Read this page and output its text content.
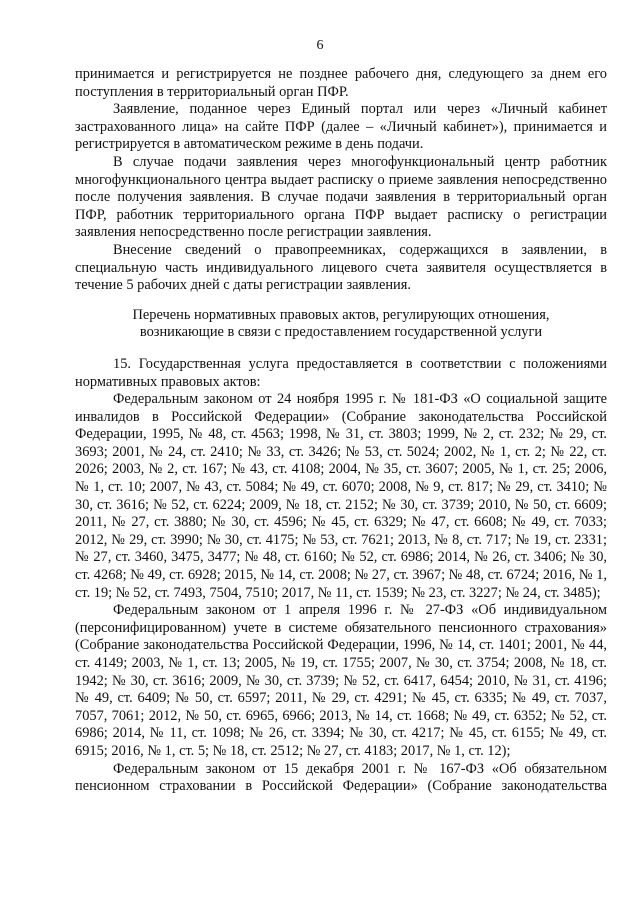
6

принимается и регистрируется не позднее рабочего дня, следующего за днем его поступления в территориальный орган ПФР.

Заявление, поданное через Единый портал или через «Личный кабинет застрахованного лица» на сайте ПФР (далее – «Личный кабинет»), принимается и регистрируется в автоматическом режиме в день подачи.

В случае подачи заявления через многофункциональный центр работник многофункционального центра выдает расписку о приеме заявления непосредственно после получения заявления. В случае подачи заявления в территориальный орган ПФР, работник территориального органа ПФР выдает расписку о регистрации заявления непосредственно после регистрации заявления.

Внесение сведений о правопреемниках, содержащихся в заявлении, в специальную часть индивидуального лицевого счета заявителя осуществляется в течение 5 рабочих дней с даты регистрации заявления.

Перечень нормативных правовых актов, регулирующих отношения,
возникающие в связи с предоставлением государственной услуги

15. Государственная услуга предоставляется в соответствии с положениями нормативных правовых актов:

Федеральным законом от 24 ноября 1995 г. № 181-ФЗ «О социальной защите инвалидов в Российской Федерации» (Собрание законодательства Российской Федерации, 1995, № 48, ст. 4563; 1998, № 31, ст. 3803; 1999, № 2, ст. 232; № 29, ст. 3693; 2001, № 24, ст. 2410; № 33, ст. 3426; № 53, ст. 5024; 2002, № 1, ст. 2; № 22, ст. 2026; 2003, № 2, ст. 167; № 43, ст. 4108; 2004, № 35, ст. 3607; 2005, № 1, ст. 25; 2006, № 1, ст. 10; 2007, № 43, ст. 5084; № 49, ст. 6070; 2008, № 9, ст. 817; № 29, ст. 3410; № 30, ст. 3616; № 52, ст. 6224; 2009, № 18, ст. 2152; № 30, ст. 3739; 2010, № 50, ст. 6609; 2011, № 27, ст. 3880; № 30, ст. 4596; № 45, ст. 6329; № 47, ст. 6608; № 49, ст. 7033; 2012, № 29, ст. 3990; № 30, ст. 4175; № 53, ст. 7621; 2013, № 8, ст. 717; № 19, ст. 2331; № 27, ст. 3460, 3475, 3477; № 48, ст. 6160; № 52, ст. 6986; 2014, № 26, ст. 3406; № 30, ст. 4268; № 49, ст. 6928; 2015, № 14, ст. 2008; № 27, ст. 3967; № 48, ст. 6724; 2016, № 1, ст. 19; № 52, ст. 7493, 7504, 7510; 2017, № 11, ст. 1539; № 23, ст. 3227; № 24, ст. 3485);

Федеральным законом от 1 апреля 1996 г. № 27-ФЗ «Об индивидуальном (персонифицированном) учете в системе обязательного пенсионного страхования» (Собрание законодательства Российской Федерации, 1996, № 14, ст. 1401; 2001, № 44, ст. 4149; 2003, № 1, ст. 13; 2005, № 19, ст. 1755; 2007, № 30, ст. 3754; 2008, № 18, ст. 1942; № 30, ст. 3616; 2009, № 30, ст. 3739; № 52, ст. 6417, 6454; 2010, № 31, ст. 4196; № 49, ст. 6409; № 50, ст. 6597; 2011, № 29, ст. 4291; № 45, ст. 6335; № 49, ст. 7037, 7057, 7061; 2012, № 50, ст. 6965, 6966; 2013, № 14, ст. 1668; № 49, ст. 6352; № 52, ст. 6986; 2014, № 11, ст. 1098; № 26, ст. 3394; № 30, ст. 4217; № 45, ст. 6155; № 49, ст. 6915; 2016, № 1, ст. 5; № 18, ст. 2512; № 27, ст. 4183; 2017, № 1, ст. 12);

Федеральным законом от 15 декабря 2001 г. № 167-ФЗ «Об обязательном пенсионном страховании в Российской Федерации» (Собрание законодательства
